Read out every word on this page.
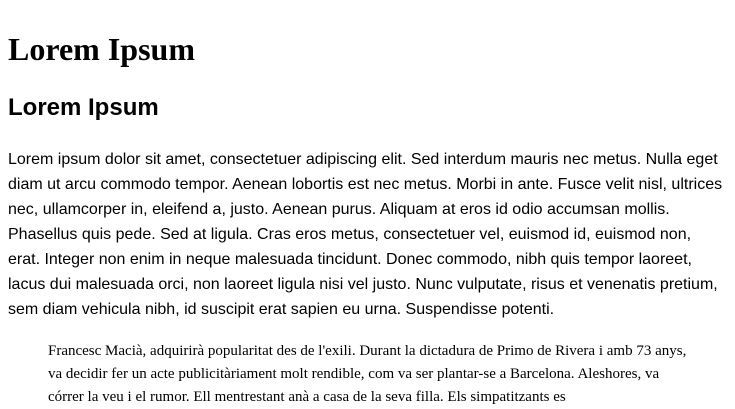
Lorem Ipsum
Lorem Ipsum

Lorem ipsum dolor sit amet, consectetuer adipiscing elit. Sed interdum mauris nec metus. Nulla eget diam ut arcu commodo tempor. Aenean lobortis est nec metus. Morbi in ante. Fusce velit nisl, ultrices nec, ullamcorper in, eleifend a, justo. Aenean purus. Aliquam at eros id odio accumsan mollis. Phasellus quis pede. Sed at ligula. Cras eros metus, consectetuer vel, euismod id, euismod non, erat. Integer non enim in neque malesuada tincidunt. Donec commodo, nibh quis tempor laoreet, lacus dui malesuada orci, non laoreet ligula nisi vel justo. Nunc vulputate, risus et venenatis pretium, sem diam vehicula nibh, id suscipit erat sapien eu urna. Suspendisse potenti.

Francesc Macià, adquirirà popularitat des de l'exili. Durant la dictadura de Primo de Rivera i amb 73 anys, va decidir fer un acte publicitàriament molt rendible, com va ser plantar-se a Barcelona. Aleshores, va córrer la veu i el rumor. Ell mentrestant anà a casa de la seva filla. Els simpatitzants es
